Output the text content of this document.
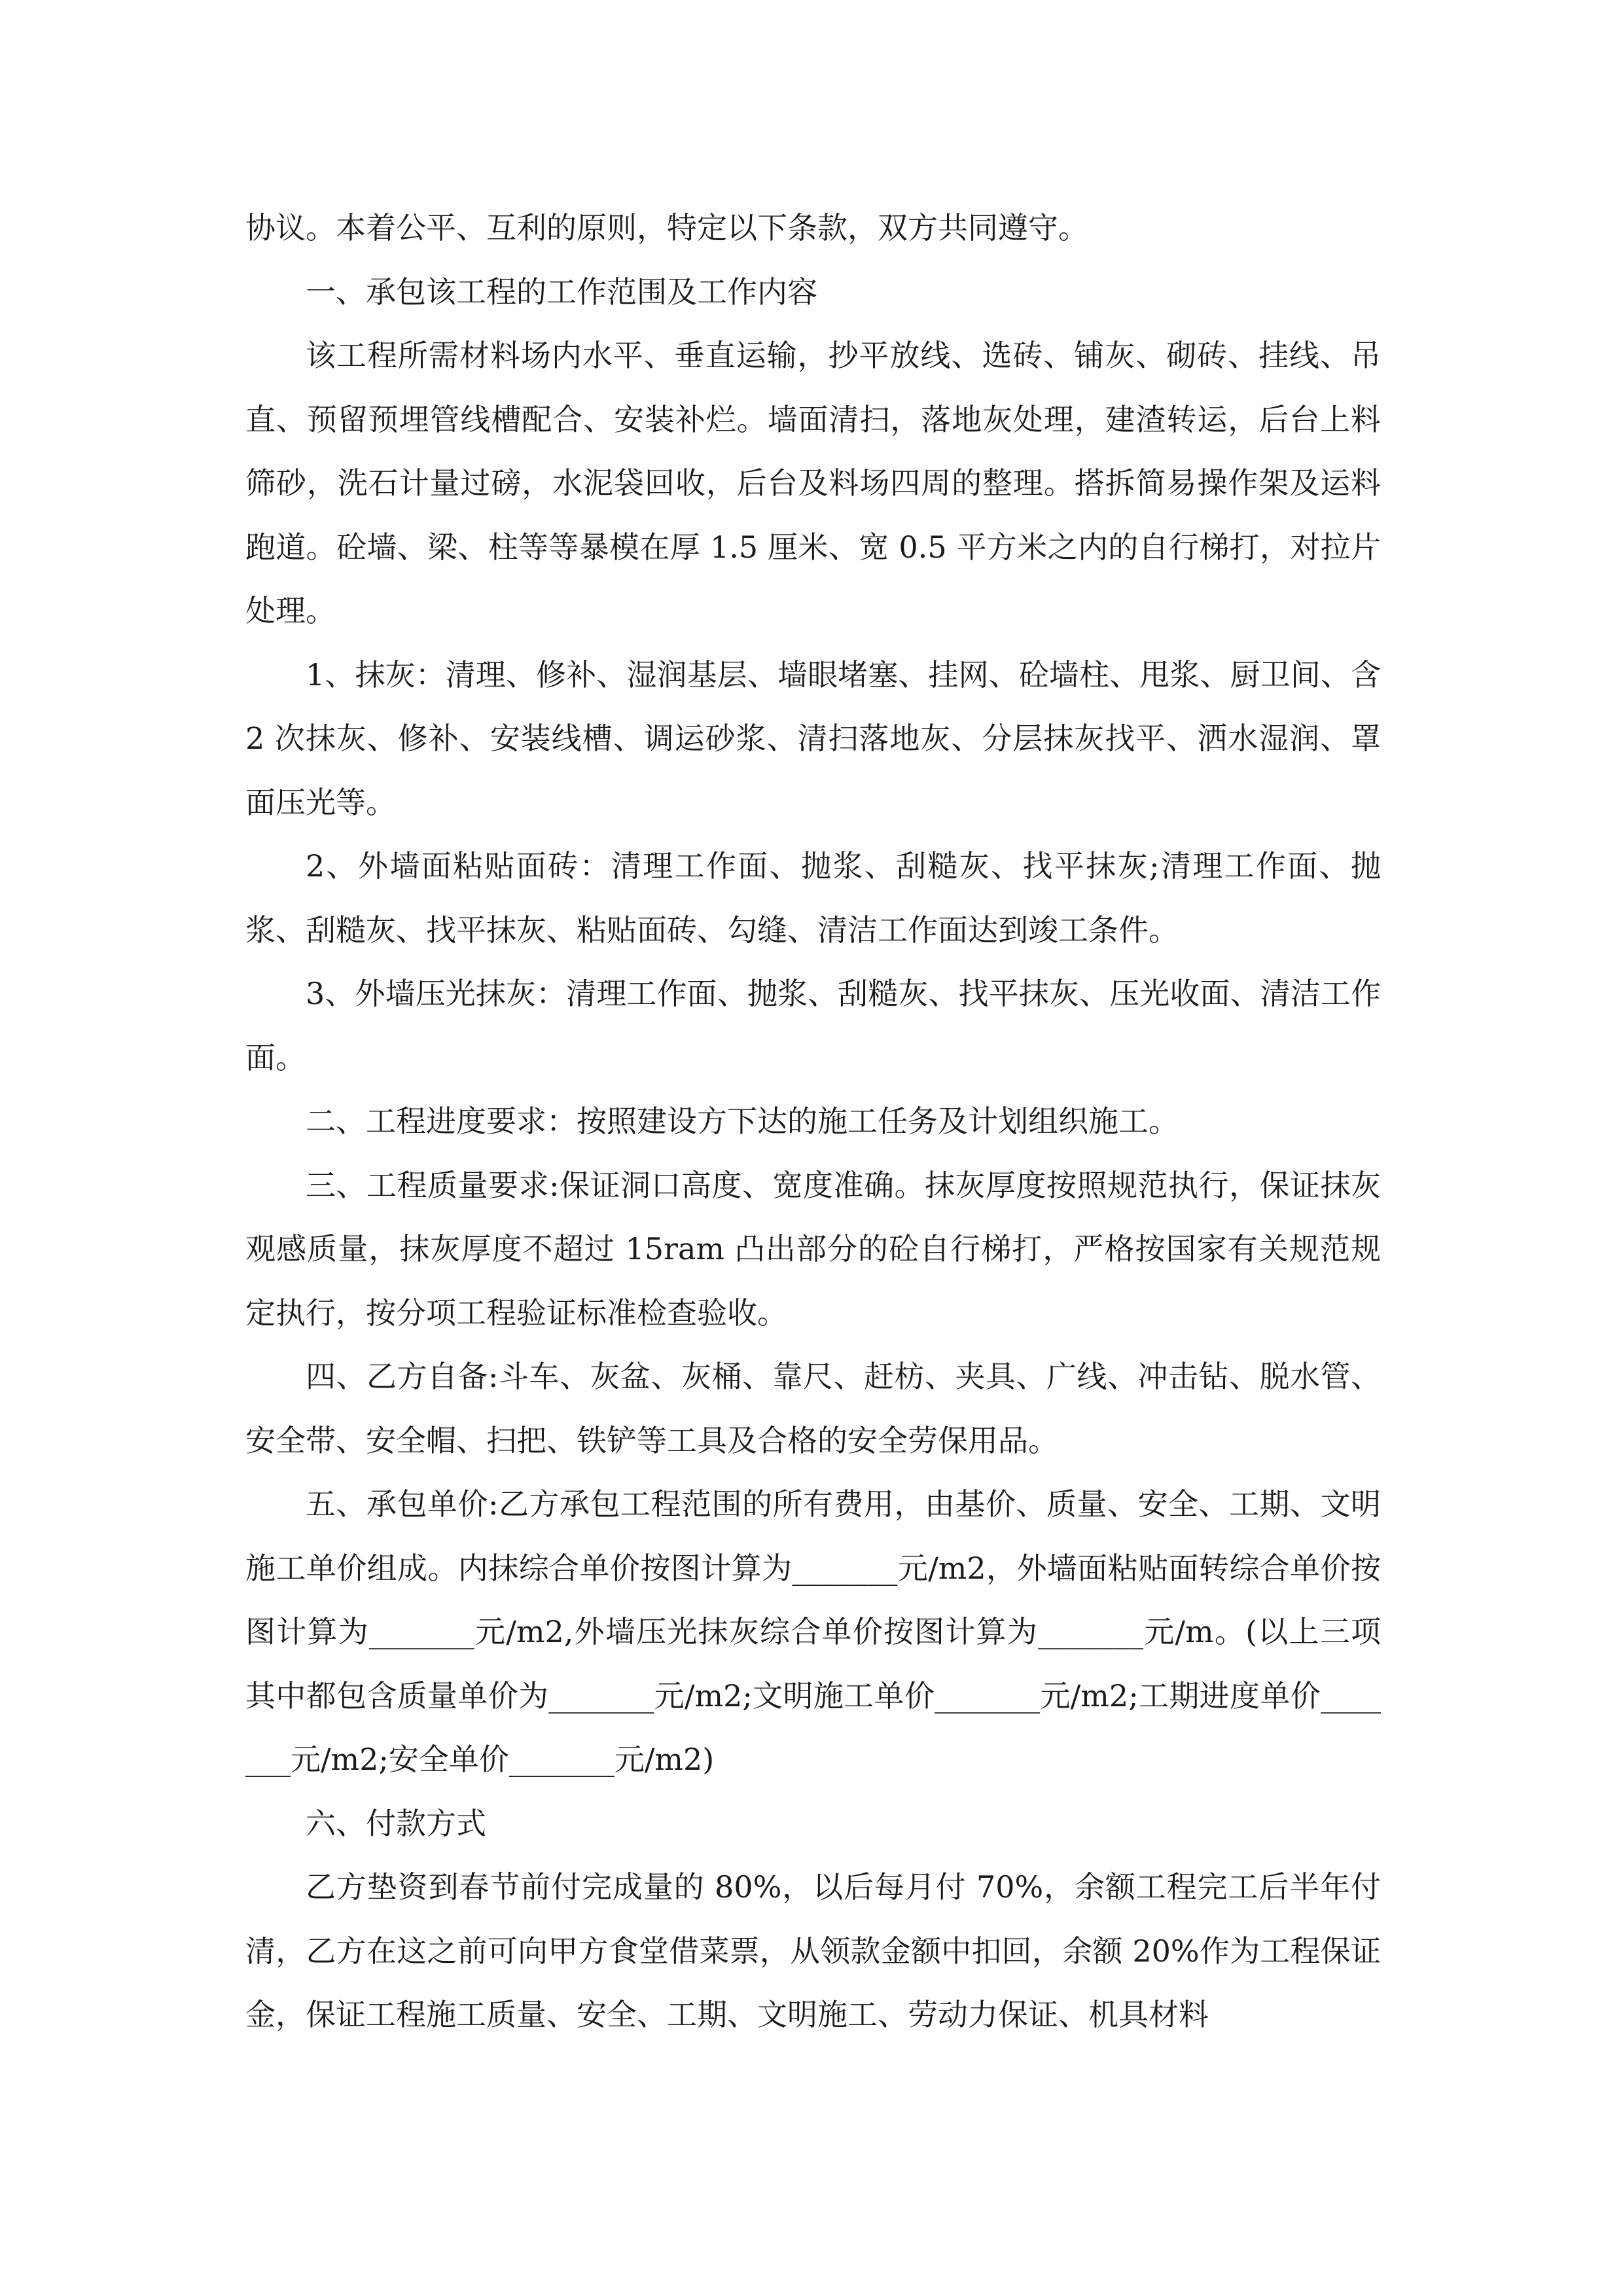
协议。本着公平、互利的原则，特定以下条款，双方共同遵守。

一、承包该工程的工作范围及工作内容

该工程所需材料场内水平、垂直运输，抄平放线、选砖、铺灰、砌砖、挂线、吊直、预留预埋管线槽配合、安装补烂。墙面清扫，落地灰处理，建渣转运，后台上料筛砂，洗石计量过磅，水泥袋回收，后台及料场四周的整理。搭拆简易操作架及运料跑道。砼墙、梁、柱等等暴模在厚 1.5 厘米、宽 0.5 平方米之内的自行梯打，对拉片处理。

1、抹灰：清理、修补、湿润基层、墙眼堵塞、挂网、砼墙柱、甩浆、厨卫间、含 2 次抹灰、修补、安装线槽、调运砂浆、清扫落地灰、分层抹灰找平、洒水湿润、罩面压光等。

2、外墙面粘贴面砖：清理工作面、抛浆、刮糙灰、找平抹灰;清理工作面、抛浆、刮糙灰、找平抹灰、粘贴面砖、勾缝、清洁工作面达到竣工条件。

3、外墙压光抹灰：清理工作面、抛浆、刮糙灰、找平抹灰、压光收面、清洁工作面。

二、工程进度要求：按照建设方下达的施工任务及计划组织施工。

三、工程质量要求:保证洞口高度、宽度准确。抹灰厚度按照规范执行，保证抹灰观感质量，抹灰厚度不超过 15ram 凸出部分的砼自行梯打，严格按国家有关规范规定执行，按分项工程验证标准检查验收。

四、乙方自备:斗车、灰盆、灰桶、靠尺、赶枋、夹具、广线、冲击钻、脱水管、安全带、安全帽、扫把、铁铲等工具及合格的安全劳保用品。

五、承包单价:乙方承包工程范围的所有费用，由基价、质量、安全、工期、文明施工单价组成。内抹综合单价按图计算为_______元/m2，外墙面粘贴面转综合单价按图计算为_______元/m2,外墙压光抹灰综合单价按图计算为_______元/m。(以上三项其中都包含质量单价为_______元/m2;文明施工单价_______元/m2;工期进度单价_______元/m2;安全单价_______元/m2)

六、付款方式

乙方垫资到春节前付完成量的 80%，以后每月付 70%，余额工程完工后半年付清，乙方在这之前可向甲方食堂借菜票，从领款金额中扣回，余额 20%作为工程保证金，保证工程施工质量、安全、工期、文明施工、劳动力保证、机具材料
